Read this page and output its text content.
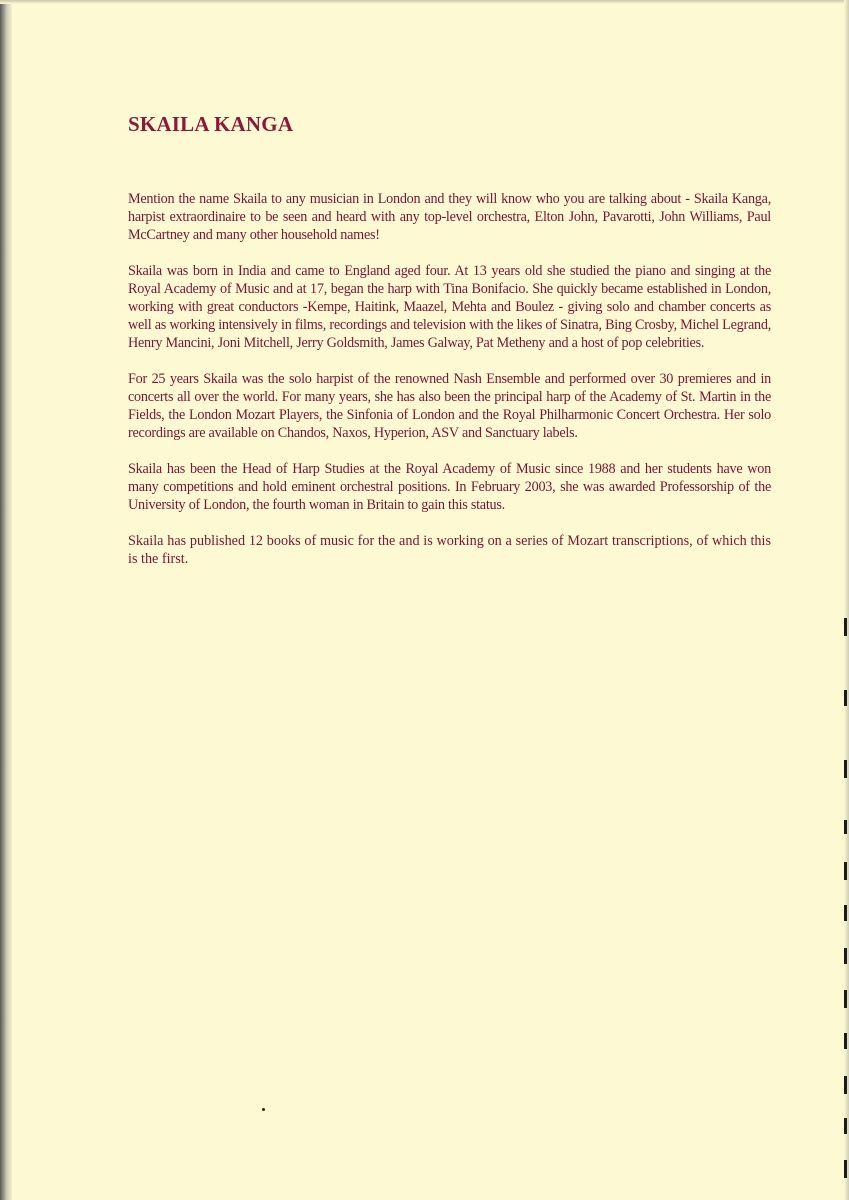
SKAILA KANGA

Mention the name Skaila to any musician in London and they will know who you are talking about - Skaila Kanga, harpist extraordinaire to be seen and heard with any top-level orchestra, Elton John, Pavarotti, John Williams, Paul McCartney and many other household names!

Skaila was born in India and came to England aged four. At 13 years old she studied the piano and singing at the Royal Academy of Music and at 17, began the harp with Tina Bonifacio. She quickly became established in London, working with great conductors -Kempe, Haitink, Maazel, Mehta and Boulez - giving solo and chamber concerts as well as working intensively in films, recordings and television with the likes of Sinatra, Bing Crosby, Michel Legrand, Henry Mancini, Joni Mitchell, Jerry Goldsmith, James Galway, Pat Metheny and a host of pop celebrities.

For 25 years Skaila was the solo harpist of the renowned Nash Ensemble and performed over 30 premieres and in concerts all over the world. For many years, she has also been the principal harp of the Academy of St. Martin in the Fields, the London Mozart Players, the Sinfonia of London and the Royal Philharmonic Concert Orchestra. Her solo recordings are available on Chandos, Naxos, Hyperion, ASV and Sanctuary labels.

Skaila has been the Head of Harp Studies at the Royal Academy of Music since 1988 and her students have won many competitions and hold eminent orchestral positions. In February 2003, she was awarded Professorship of the University of London, the fourth woman in Britain to gain this status.

Skaila has published 12 books of music for the and is working on a series of Mozart transcriptions, of which this is the first.
